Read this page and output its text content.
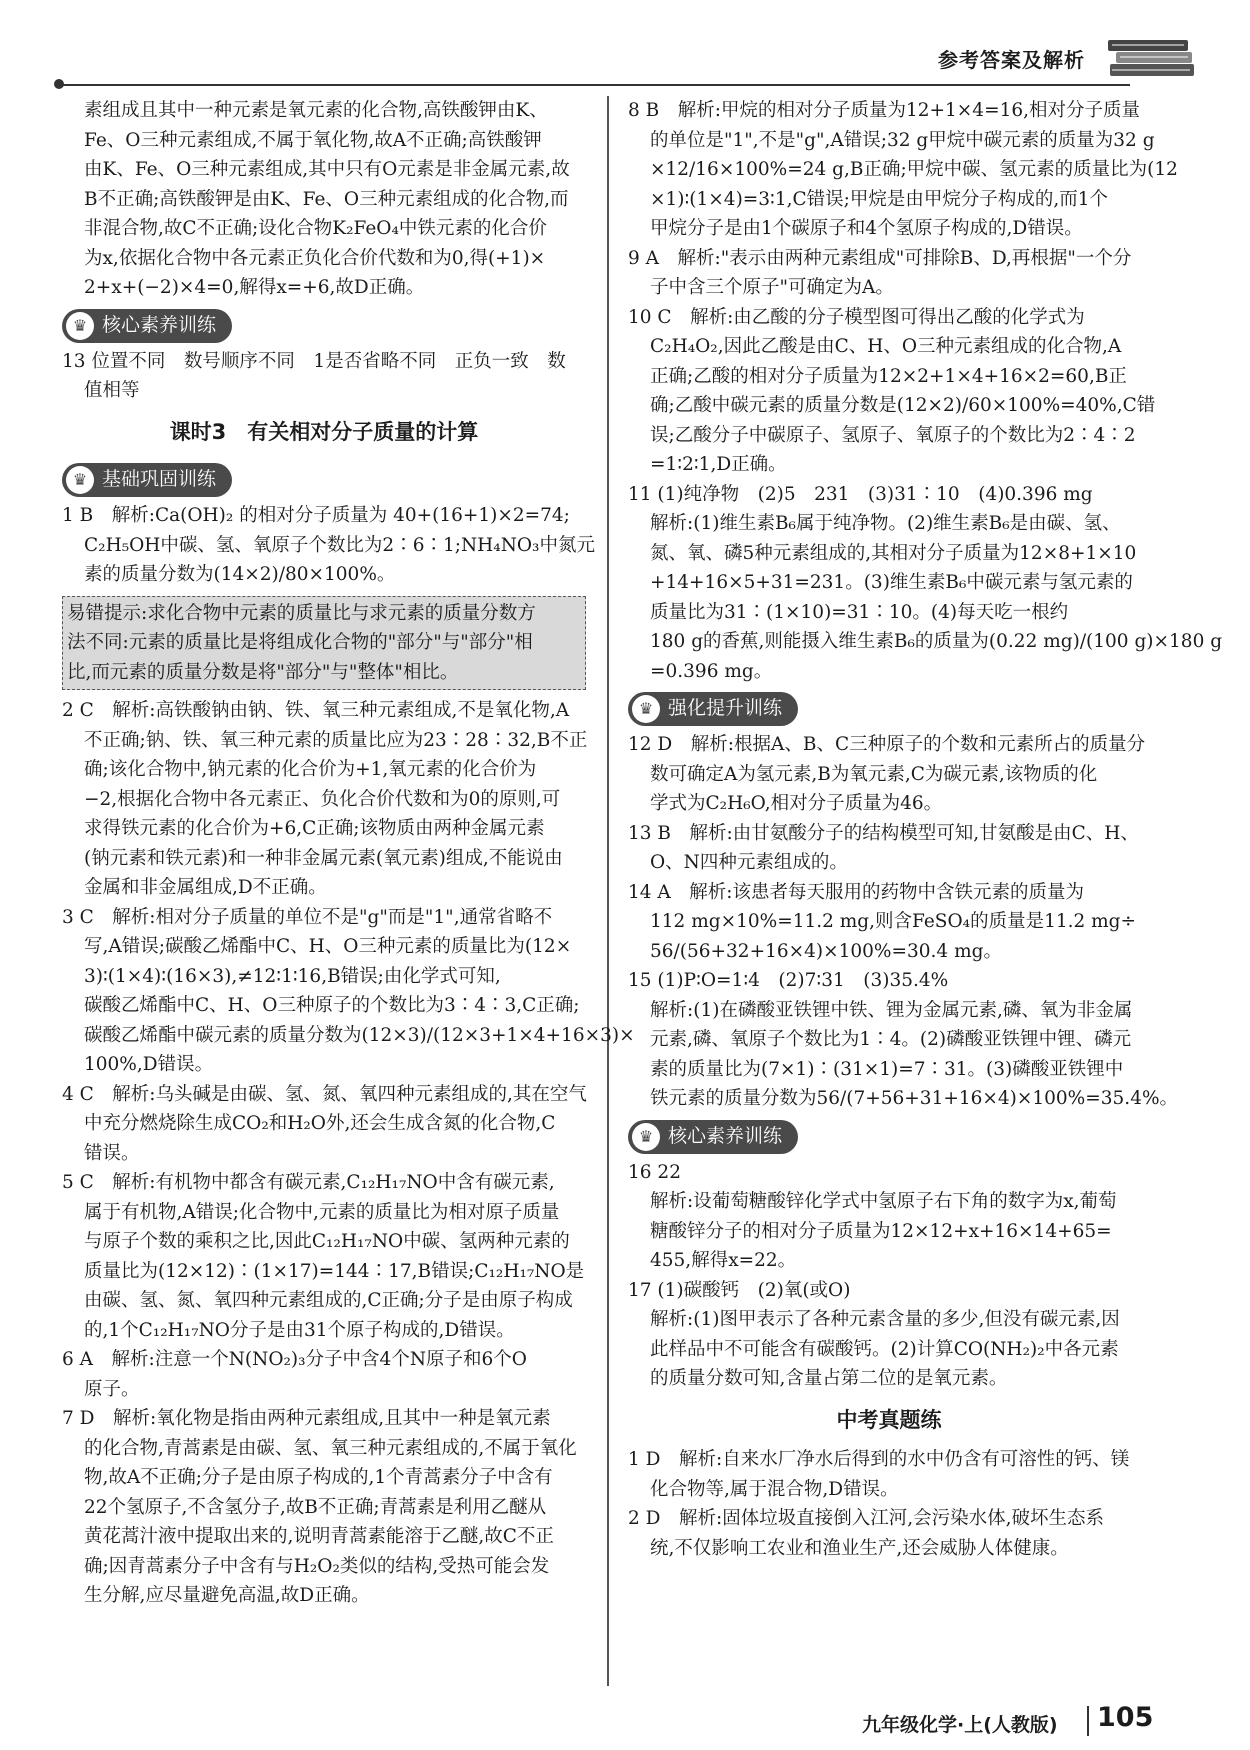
参考答案及解析
素组成且其中一种元素是氧元素的化合物,高铁酸钾由K、
Fe、O三种元素组成,不属于氧化物,故A不正确;高铁酸钾
由K、Fe、O三种元素组成,其中只有O元素是非金属元素,故
B不正确;高铁酸钾是由K、Fe、O三种元素组成的化合物,而
非混合物,故C不正确;设化合物K₂FeO₄中铁元素的化合价
为x,依据化合物中各元素正负化合价代数和为0,得(+1)×
2+x+(−2)×4=0,解得x=+6,故D正确。
♛ 核心素养训练
13 位置不同　数号顺序不同　1是否省略不同　正负一致　数
值相等
课时3　有关相对分子质量的计算
♛ 基础巩固训练
1 B　解析:Ca(OH)₂ 的相对分子质量为 40+(16+1)×2=74;
C₂H₅OH中碳、氢、氧原子个数比为2∶6∶1;NH₄NO₃中氮元
素的质量分数为(14×2)/80×100%。
易错提示:求化合物中元素的质量比与求元素的质量分数方
法不同:元素的质量比是将组成化合物的"部分"与"部分"相
比,而元素的质量分数是将"部分"与"整体"相比。
2 C　解析:高铁酸钠由钠、铁、氧三种元素组成,不是氧化物,A
不正确;钠、铁、氧三种元素的质量比应为23∶28∶32,B不正
确;该化合物中,钠元素的化合价为+1,氧元素的化合价为
−2,根据化合物中各元素正、负化合价代数和为0的原则,可
求得铁元素的化合价为+6,C正确;该物质由两种金属元素
(钠元素和铁元素)和一种非金属元素(氧元素)组成,不能说由
金属和非金属组成,D不正确。
3 C　解析:相对分子质量的单位不是"g"而是"1",通常省略不
写,A错误;碳酸乙烯酯中C、H、O三种元素的质量比为(12×
3)∶(1×4)∶(16×3),≠12∶1∶16,B错误;由化学式可知,
碳酸乙烯酯中C、H、O三种原子的个数比为3∶4∶3,C正确;
碳酸乙烯酯中碳元素的质量分数为(12×3)/(12×3+1×4+16×3)×
100%,D错误。
4 C　解析:乌头碱是由碳、氢、氮、氧四种元素组成的,其在空气
中充分燃烧除生成CO₂和H₂O外,还会生成含氮的化合物,C
错误。
5 C　解析:有机物中都含有碳元素,C₁₂H₁₇NO中含有碳元素,
属于有机物,A错误;化合物中,元素的质量比为相对原子质量
与原子个数的乘积之比,因此C₁₂H₁₇NO中碳、氢两种元素的
质量比为(12×12)∶(1×17)=144∶17,B错误;C₁₂H₁₇NO是
由碳、氢、氮、氧四种元素组成的,C正确;分子是由原子构成
的,1个C₁₂H₁₇NO分子是由31个原子构成的,D错误。
6 A　解析:注意一个N(NO₂)₃分子中含4个N原子和6个O
原子。
7 D　解析:氧化物是指由两种元素组成,且其中一种是氧元素
的化合物,青蒿素是由碳、氢、氧三种元素组成的,不属于氧化
物,故A不正确;分子是由原子构成的,1个青蒿素分子中含有
22个氢原子,不含氢分子,故B不正确;青蒿素是利用乙醚从
黄花蒿汁液中提取出来的,说明青蒿素能溶于乙醚,故C不正
确;因青蒿素分子中含有与H₂O₂类似的结构,受热可能会发
生分解,应尽量避免高温,故D正确。
8 B　解析:甲烷的相对分子质量为12+1×4=16,相对分子质量
的单位是"1",不是"g",A错误;32 g甲烷中碳元素的质量为32 g
×12/16×100%=24 g,B正确;甲烷中碳、氢元素的质量比为(12
×1)∶(1×4)=3∶1,C错误;甲烷是由甲烷分子构成的,而1个
甲烷分子是由1个碳原子和4个氢原子构成的,D错误。
9 A　解析:"表示由两种元素组成"可排除B、D,再根据"一个分
子中含三个原子"可确定为A。
10 C　解析:由乙酸的分子模型图可得出乙酸的化学式为
C₂H₄O₂,因此乙酸是由C、H、O三种元素组成的化合物,A
正确;乙酸的相对分子质量为12×2+1×4+16×2=60,B正
确;乙酸中碳元素的质量分数是(12×2)/60×100%=40%,C错
误;乙酸分子中碳原子、氢原子、氧原子的个数比为2∶4∶2
=1∶2∶1,D正确。
11 (1)纯净物　(2)5　231　(3)31∶10　(4)0.396 mg
解析:(1)维生素B₆属于纯净物。(2)维生素B₆是由碳、氢、
氮、氧、磷5种元素组成的,其相对分子质量为12×8+1×10
+14+16×5+31=231。(3)维生素B₆中碳元素与氢元素的
质量比为31∶(1×10)=31∶10。(4)每天吃一根约
180 g的香蕉,则能摄入维生素B₆的质量为(0.22 mg)/(100 g)×180 g
=0.396 mg。
♛ 强化提升训练
12 D　解析:根据A、B、C三种原子的个数和元素所占的质量分
数可确定A为氢元素,B为氧元素,C为碳元素,该物质的化
学式为C₂H₆O,相对分子质量为46。
13 B　解析:由甘氨酸分子的结构模型可知,甘氨酸是由C、H、
O、N四种元素组成的。
14 A　解析:该患者每天服用的药物中含铁元素的质量为
112 mg×10%=11.2 mg,则含FeSO₄的质量是11.2 mg÷
56/(56+32+16×4)×100%=30.4 mg。
15 (1)P∶O=1∶4　(2)7∶31　(3)35.4%
解析:(1)在磷酸亚铁锂中铁、锂为金属元素,磷、氧为非金属
元素,磷、氧原子个数比为1∶4。(2)磷酸亚铁锂中锂、磷元
素的质量比为(7×1)∶(31×1)=7∶31。(3)磷酸亚铁锂中
铁元素的质量分数为56/(7+56+31+16×4)×100%=35.4%。
♛ 核心素养训练
16 22
解析:设葡萄糖酸锌化学式中氢原子右下角的数字为x,葡萄
糖酸锌分子的相对分子质量为12×12+x+16×14+65=
455,解得x=22。
17 (1)碳酸钙　(2)氧(或O)
解析:(1)图甲表示了各种元素含量的多少,但没有碳元素,因
此样品中不可能含有碳酸钙。(2)计算CO(NH₂)₂中各元素
的质量分数可知,含量占第二位的是氧元素。
中考真题练
1 D　解析:自来水厂净水后得到的水中仍含有可溶性的钙、镁
化合物等,属于混合物,D错误。
2 D　解析:固体垃圾直接倒入江河,会污染水体,破坏生态系
统,不仅影响工农业和渔业生产,还会威胁人体健康。
九年级化学·上(人教版) 105
